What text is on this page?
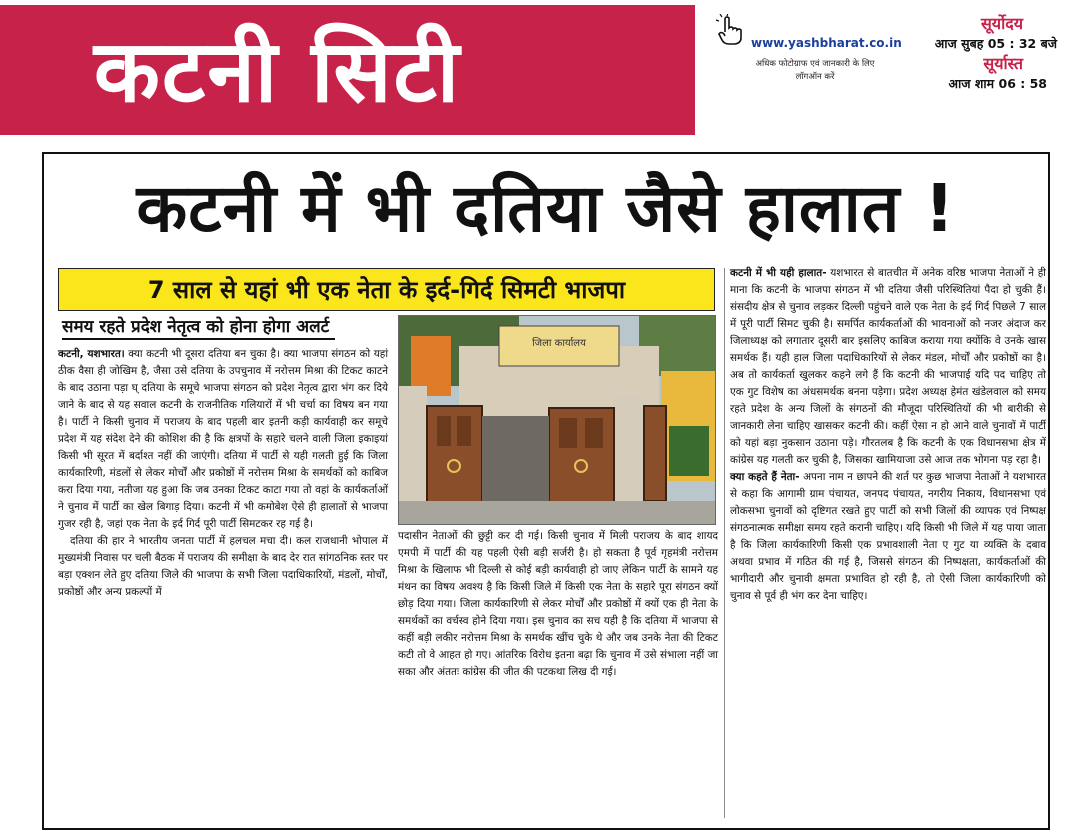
कटनी सिटी	www.yashbharat.co.in
अधिक फोटोग्राफ एवं जानकारी के लिए लॉगऑन करें
सूर्योदय
आज सुबह 05 : 32 बजे
सूर्यास्त
आज शाम 06 : 58
कटनी में भी दतिया जैसे हालात !
7 साल से यहां भी एक नेता के इर्द-गिर्द सिमटी भाजपा
समय रहते प्रदेश नेतृत्व को होना होगा अलर्ट
जिला कार्यालय

कटनी, यशभारत। क्या कटनी भी दूसरा दतिया बन चुका है। क्या भाजपा संगठन को यहां ठीक वैसा ही जोखिम है, जैसा उसे दतिया के उपचुनाव में नरोत्तम मिश्रा की टिकट काटने के बाद उठाना पड़ा घ् दतिया के समूचे भाजपा संगठन को प्रदेश नेतृत्व द्वारा भंग कर दिये जाने के बाद से यह सवाल कटनी के राजनीतिक गलियारों में भी चर्चा का विषय बन गया है। पार्टी ने किसी चुनाव में पराजय के बाद पहली बार इतनी कड़ी कार्यवाही कर समूचे प्रदेश में यह संदेश देने की कोशिश की है कि क्षत्रपों के सहारे चलने वाली जिला इकाइयां किसी भी सूरत में बर्दाश्त नहीं की जाएंगी। दतिया में पार्टी से यही गलती हुई कि जिला कार्यकारिणी, मंडलों से लेकर मोर्चों और प्रकोष्ठों में नरोत्तम मिश्रा के समर्थकों को काबिज करा दिया गया, नतीजा यह हुआ कि जब उनका टिकट काटा गया तो वहां के कार्यकर्ताओं ने चुनाव में पार्टी का खेल बिगाड़ दिया। कटनी में भी कमोबेश ऐसे ही हालातों से भाजपा गुजर रही है, जहां एक नेता के इर्द गिर्द पूरी पार्टी सिमटकर रह गई है।

दतिया की हार ने भारतीय जनता पार्टी में हलचल मचा दी। कल राजधानी भोपाल में मुख्यमंत्री निवास पर चली बैठक में पराजय की समीक्षा के बाद देर रात सांगठनिक स्तर पर बड़ा एक्शन लेते हुए दतिया जिले की भाजपा के सभी जिला पदाधिकारियों, मंडलों, मोर्चों, प्रकोष्ठों और अन्य प्रकल्पों में

पदासीन नेताओं की छुट्टी कर दी गई। किसी चुनाव में मिली पराजय के बाद शायद एमपी में पार्टी की यह पहली ऐसी बड़ी सर्जरी है। हो सकता है पूर्व गृहमंत्री नरोत्तम मिश्रा के खिलाफ भी दिल्ली से कोई बड़ी कार्यवाही हो जाए लेकिन पार्टी के सामने यह मंथन का विषय अवश्य है कि किसी जिले में किसी एक नेता के सहारे पूरा संगठन क्यों छोड़ दिया गया। जिला कार्यकारिणी से लेकर मोर्चों और प्रकोष्ठों में क्यों एक ही नेता के समर्थकों का वर्चस्व होने दिया गया। इस चुनाव का सच यही है कि दतिया में भाजपा से कहीं बड़ी लकीर नरोत्तम मिश्रा के समर्थक खींच चुके थे और जब उनके नेता की टिकट कटी तो वे आहत हो गए। आंतरिक विरोध इतना बढ़ा कि चुनाव में उसे संभाला नहीं जा सका और अंततः कांग्रेस की जीत की पटकथा लिख दी गई।

कटनी में भी यही हालात- यशभारत से बातचीत में अनेक वरिष्ठ भाजपा नेताओं ने ही माना कि कटनी के भाजपा संगठन में भी दतिया जैसी परिस्थितियां पैदा हो चुकी हैं। संसदीय क्षेत्र से चुनाव लड़कर दिल्ली पहुंचने वाले एक नेता के इर्द गिर्द पिछले 7 साल में पूरी पार्टी सिमट चुकी है। समर्पित कार्यकर्ताओं की भावनाओं को नजर अंदाज कर जिलाध्यक्ष को लगातार दूसरी बार इसलिए काबिज कराया गया क्योंकि वे उनके खास समर्थक हैं। यही हाल जिला पदाधिकारियों से लेकर मंडल, मोर्चों और प्रकोष्ठों का है। अब तो कार्यकर्ता खुलकर कहने लगे हैं कि कटनी की भाजपाई यदि पद चाहिए तो एक गुट विशेष का अंधसमर्थक बनना पड़ेगा। प्रदेश अध्यक्ष हेमंत खंडेलवाल को समय रहते प्रदेश के अन्य जिलों के संगठनों की मौजूदा परिस्थितियों की भी बारीकी से जानकारी लेना चाहिए खासकर कटनी की। कहीं ऐसा न हो आने वाले चुनावों में पार्टी को यहां बड़ा नुकसान उठाना पड़े। गौरतलब है कि कटनी के एक विधानसभा क्षेत्र में कांग्रेस यह गलती कर चुकी है, जिसका खामियाजा उसे आज तक भोगना पड़ रहा है।

क्या कहते हैं नेता- अपना नाम न छापने की शर्त पर कुछ भाजपा नेताओं ने यशभारत से कहा कि आगामी ग्राम पंचायत, जनपद पंचायत, नगरीय निकाय, विधानसभा एवं लोकसभा चुनावों को दृष्टिगत रखते हुए पार्टी को सभी जिलों की व्यापक एवं निष्पक्ष संगठनात्मक समीक्षा समय रहते करानी चाहिए। यदि किसी भी जिले में यह पाया जाता है कि जिला कार्यकारिणी किसी एक प्रभावशाली नेता ए गुट या व्यक्ति के दबाव अथवा प्रभाव में गठित की गई है, जिससे संगठन की निष्पक्षता, कार्यकर्ताओं की भागीदारी और चुनावी क्षमता प्रभावित हो रही है, तो ऐसी जिला कार्यकारिणी को चुनाव से पूर्व ही भंग कर देना चाहिए।
